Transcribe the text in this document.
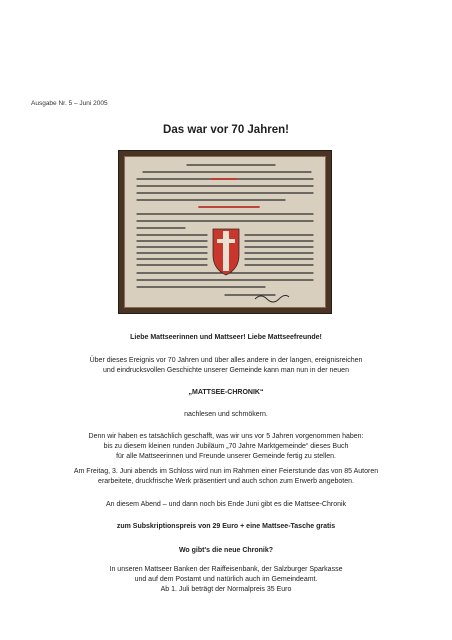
Ausgabe Nr. 5 – Juni 2005
Das war vor 70 Jahren!
Liebe Mattseerinnen und Mattseer! Liebe Mattseefreunde!
Über dieses Ereignis vor 70 Jahren und über alles andere in der langen, ereignisreichen
und eindrucksvollen Geschichte unserer Gemeinde kann man nun in der neuen
„MATTSEE-CHRONIK“
nachlesen und schmökern.
Denn wir haben es tatsächlich geschafft, was wir uns vor 5 Jahren vorgenommen haben:
bis zu diesem kleinen runden Jubiläum „70 Jahre Marktgemeinde“ dieses Buch
für alle Mattseerinnen und Freunde unserer Gemeinde fertig zu stellen.
Am Freitag, 3. Juni abends im Schloss wird nun im Rahmen einer Feierstunde das von 85 Autoren
erarbeitete, druckfrische Werk präsentiert und auch schon zum Erwerb angeboten.
An diesem Abend – und dann noch bis Ende Juni gibt es die Mattsee-Chronik
zum Subskriptionspreis von 29 Euro + eine Mattsee-Tasche gratis
Wo gibt's die neue Chronik?
In unseren Mattseer Banken der Raiffeisenbank, der Salzburger Sparkasse
und auf dem Postamt und natürlich auch im Gemeindeamt.
Ab 1. Juli beträgt der Normalpreis 35 Euro
